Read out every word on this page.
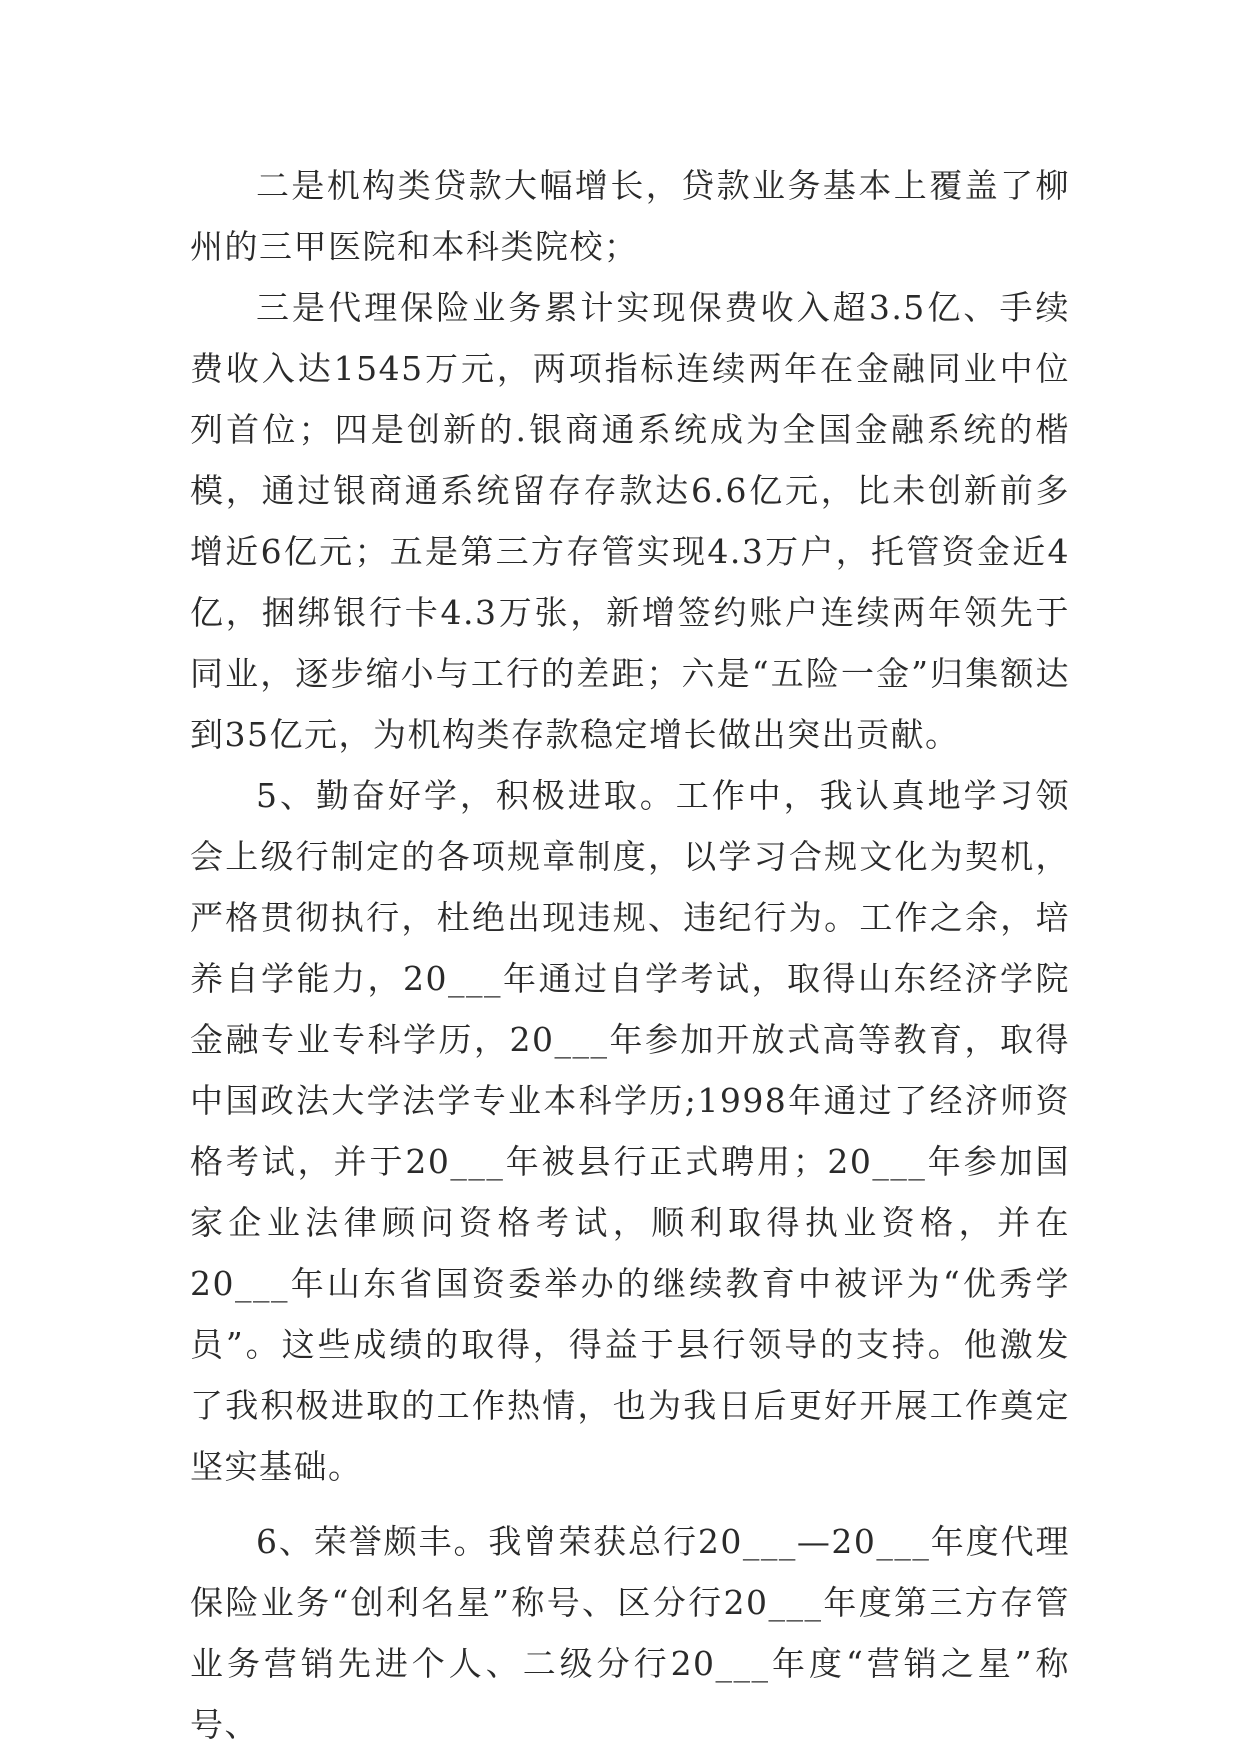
二是机构类贷款大幅增长，贷款业务基本上覆盖了柳州的三甲医院和本科类院校；

三是代理保险业务累计实现保费收入超3.5亿、手续费收入达1545万元，两项指标连续两年在金融同业中位列首位；四是创新的.银商通系统成为全国金融系统的楷模，通过银商通系统留存存款达6.6亿元，比未创新前多增近6亿元；五是第三方存管实现4.3万户，托管资金近4亿，捆绑银行卡4.3万张，新增签约账户连续两年领先于同业，逐步缩小与工行的差距；六是“五险一金”归集额达到35亿元，为机构类存款稳定增长做出突出贡献。

5、勤奋好学，积极进取。工作中，我认真地学习领会上级行制定的各项规章制度，以学习合规文化为契机，严格贯彻执行，杜绝出现违规、违纪行为。工作之余，培养自学能力，20___年通过自学考试，取得山东经济学院金融专业专科学历，20___年参加开放式高等教育，取得中国政法大学法学专业本科学历;1998年通过了经济师资格考试，并于20___年被县行正式聘用；20___年参加国家企业法律顾问资格考试，顺利取得执业资格，并在20___年山东省国资委举办的继续教育中被评为“优秀学员”。这些成绩的取得，得益于县行领导的支持。他激发了我积极进取的工作热情，也为我日后更好开展工作奠定坚实基础。

6、荣誉颇丰。我曾荣获总行20___—20___年度代理保险业务“创利名星”称号、区分行20___年度第三方存管业务营销先进个人、二级分行20___年度“营销之星”称号、
